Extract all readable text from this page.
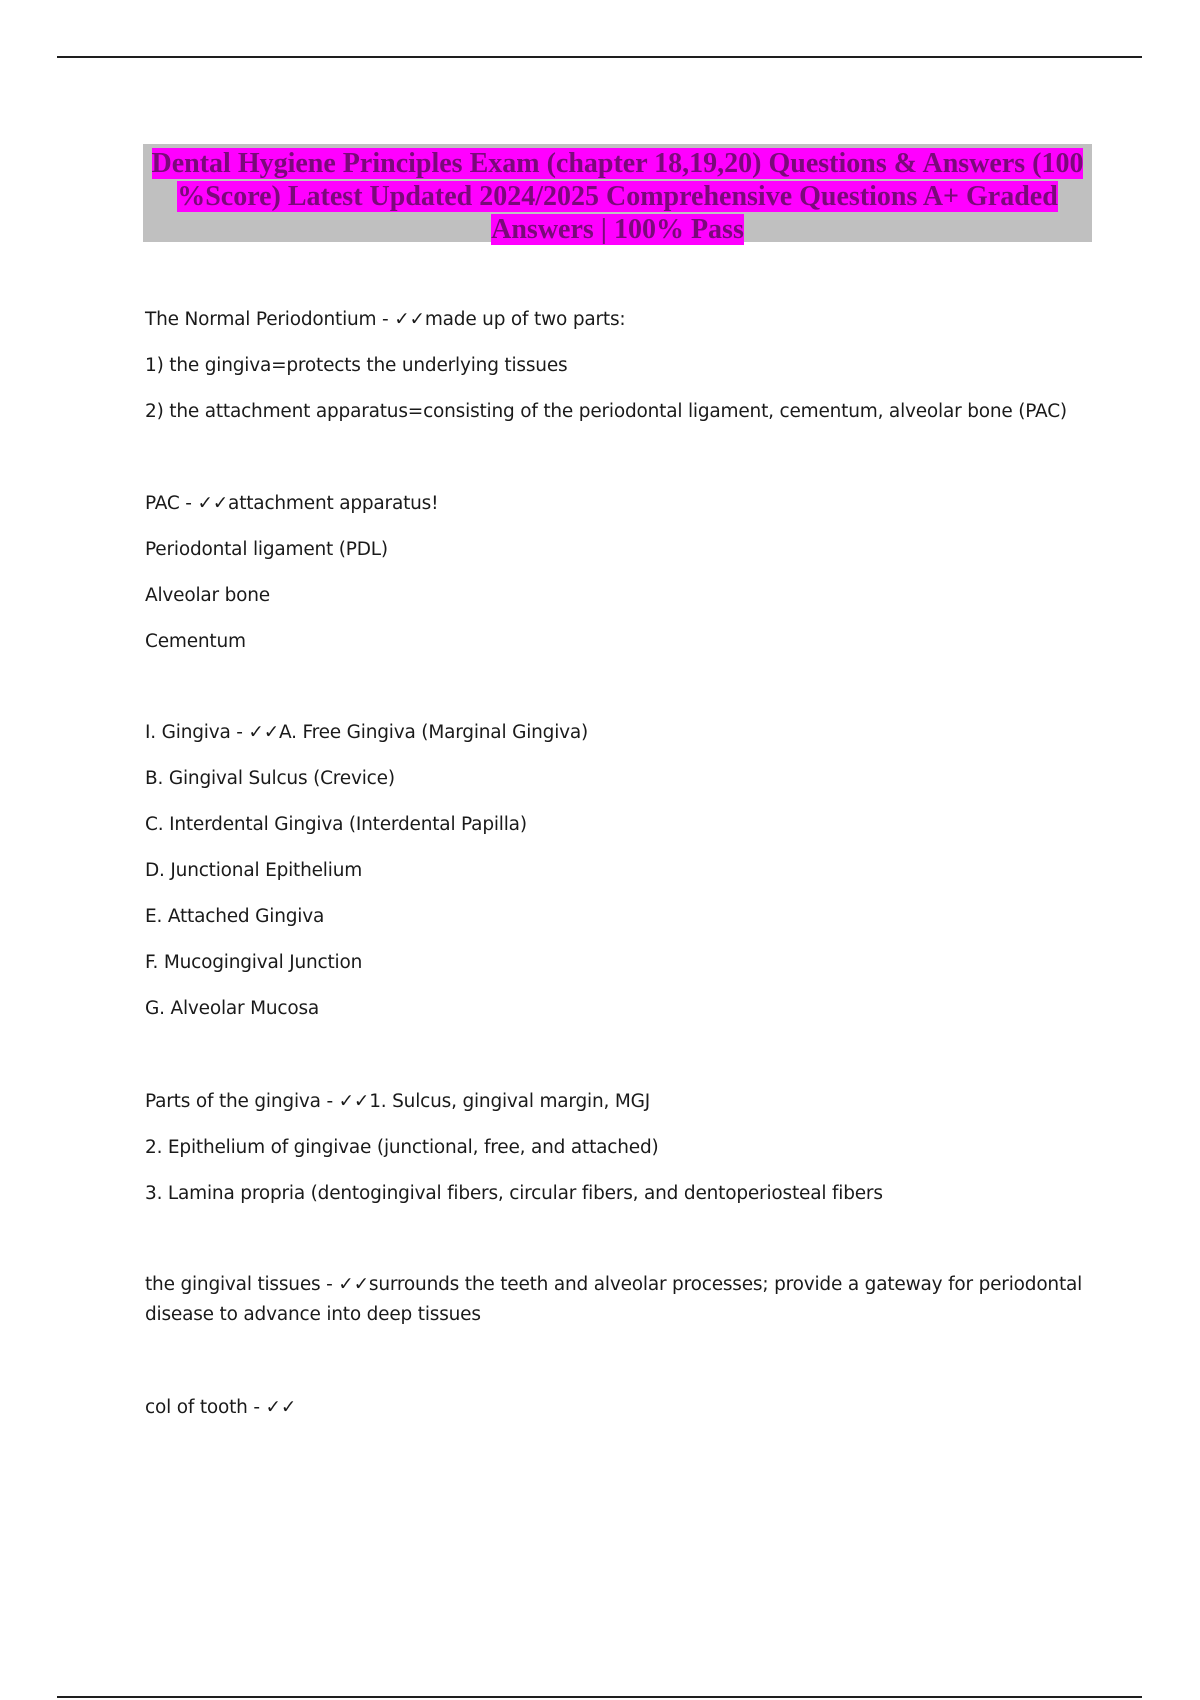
Dental Hygiene Principles Exam (chapter 18,19,20) Questions & Answers (100 %Score) Latest Updated 2024/2025 Comprehensive Questions A+ Graded Answers | 100% Pass

The Normal Periodontium - ✓✓made up of two parts:

1) the gingiva=protects the underlying tissues

2) the attachment apparatus=consisting of the periodontal ligament, cementum, alveolar bone (PAC)

PAC - ✓✓attachment apparatus!

Periodontal ligament (PDL)

Alveolar bone

Cementum

I. Gingiva - ✓✓A. Free Gingiva (Marginal Gingiva)

B. Gingival Sulcus (Crevice)

C. Interdental Gingiva (Interdental Papilla)

D. Junctional Epithelium

E. Attached Gingiva

F. Mucogingival Junction

G. Alveolar Mucosa

Parts of the gingiva - ✓✓1. Sulcus, gingival margin, MGJ

2. Epithelium of gingivae (junctional, free, and attached)

3. Lamina propria (dentogingival fibers, circular fibers, and dentoperiosteal fibers

the gingival tissues - ✓✓surrounds the teeth and alveolar processes; provide a gateway for periodontal disease to advance into deep tissues

col of tooth - ✓✓
